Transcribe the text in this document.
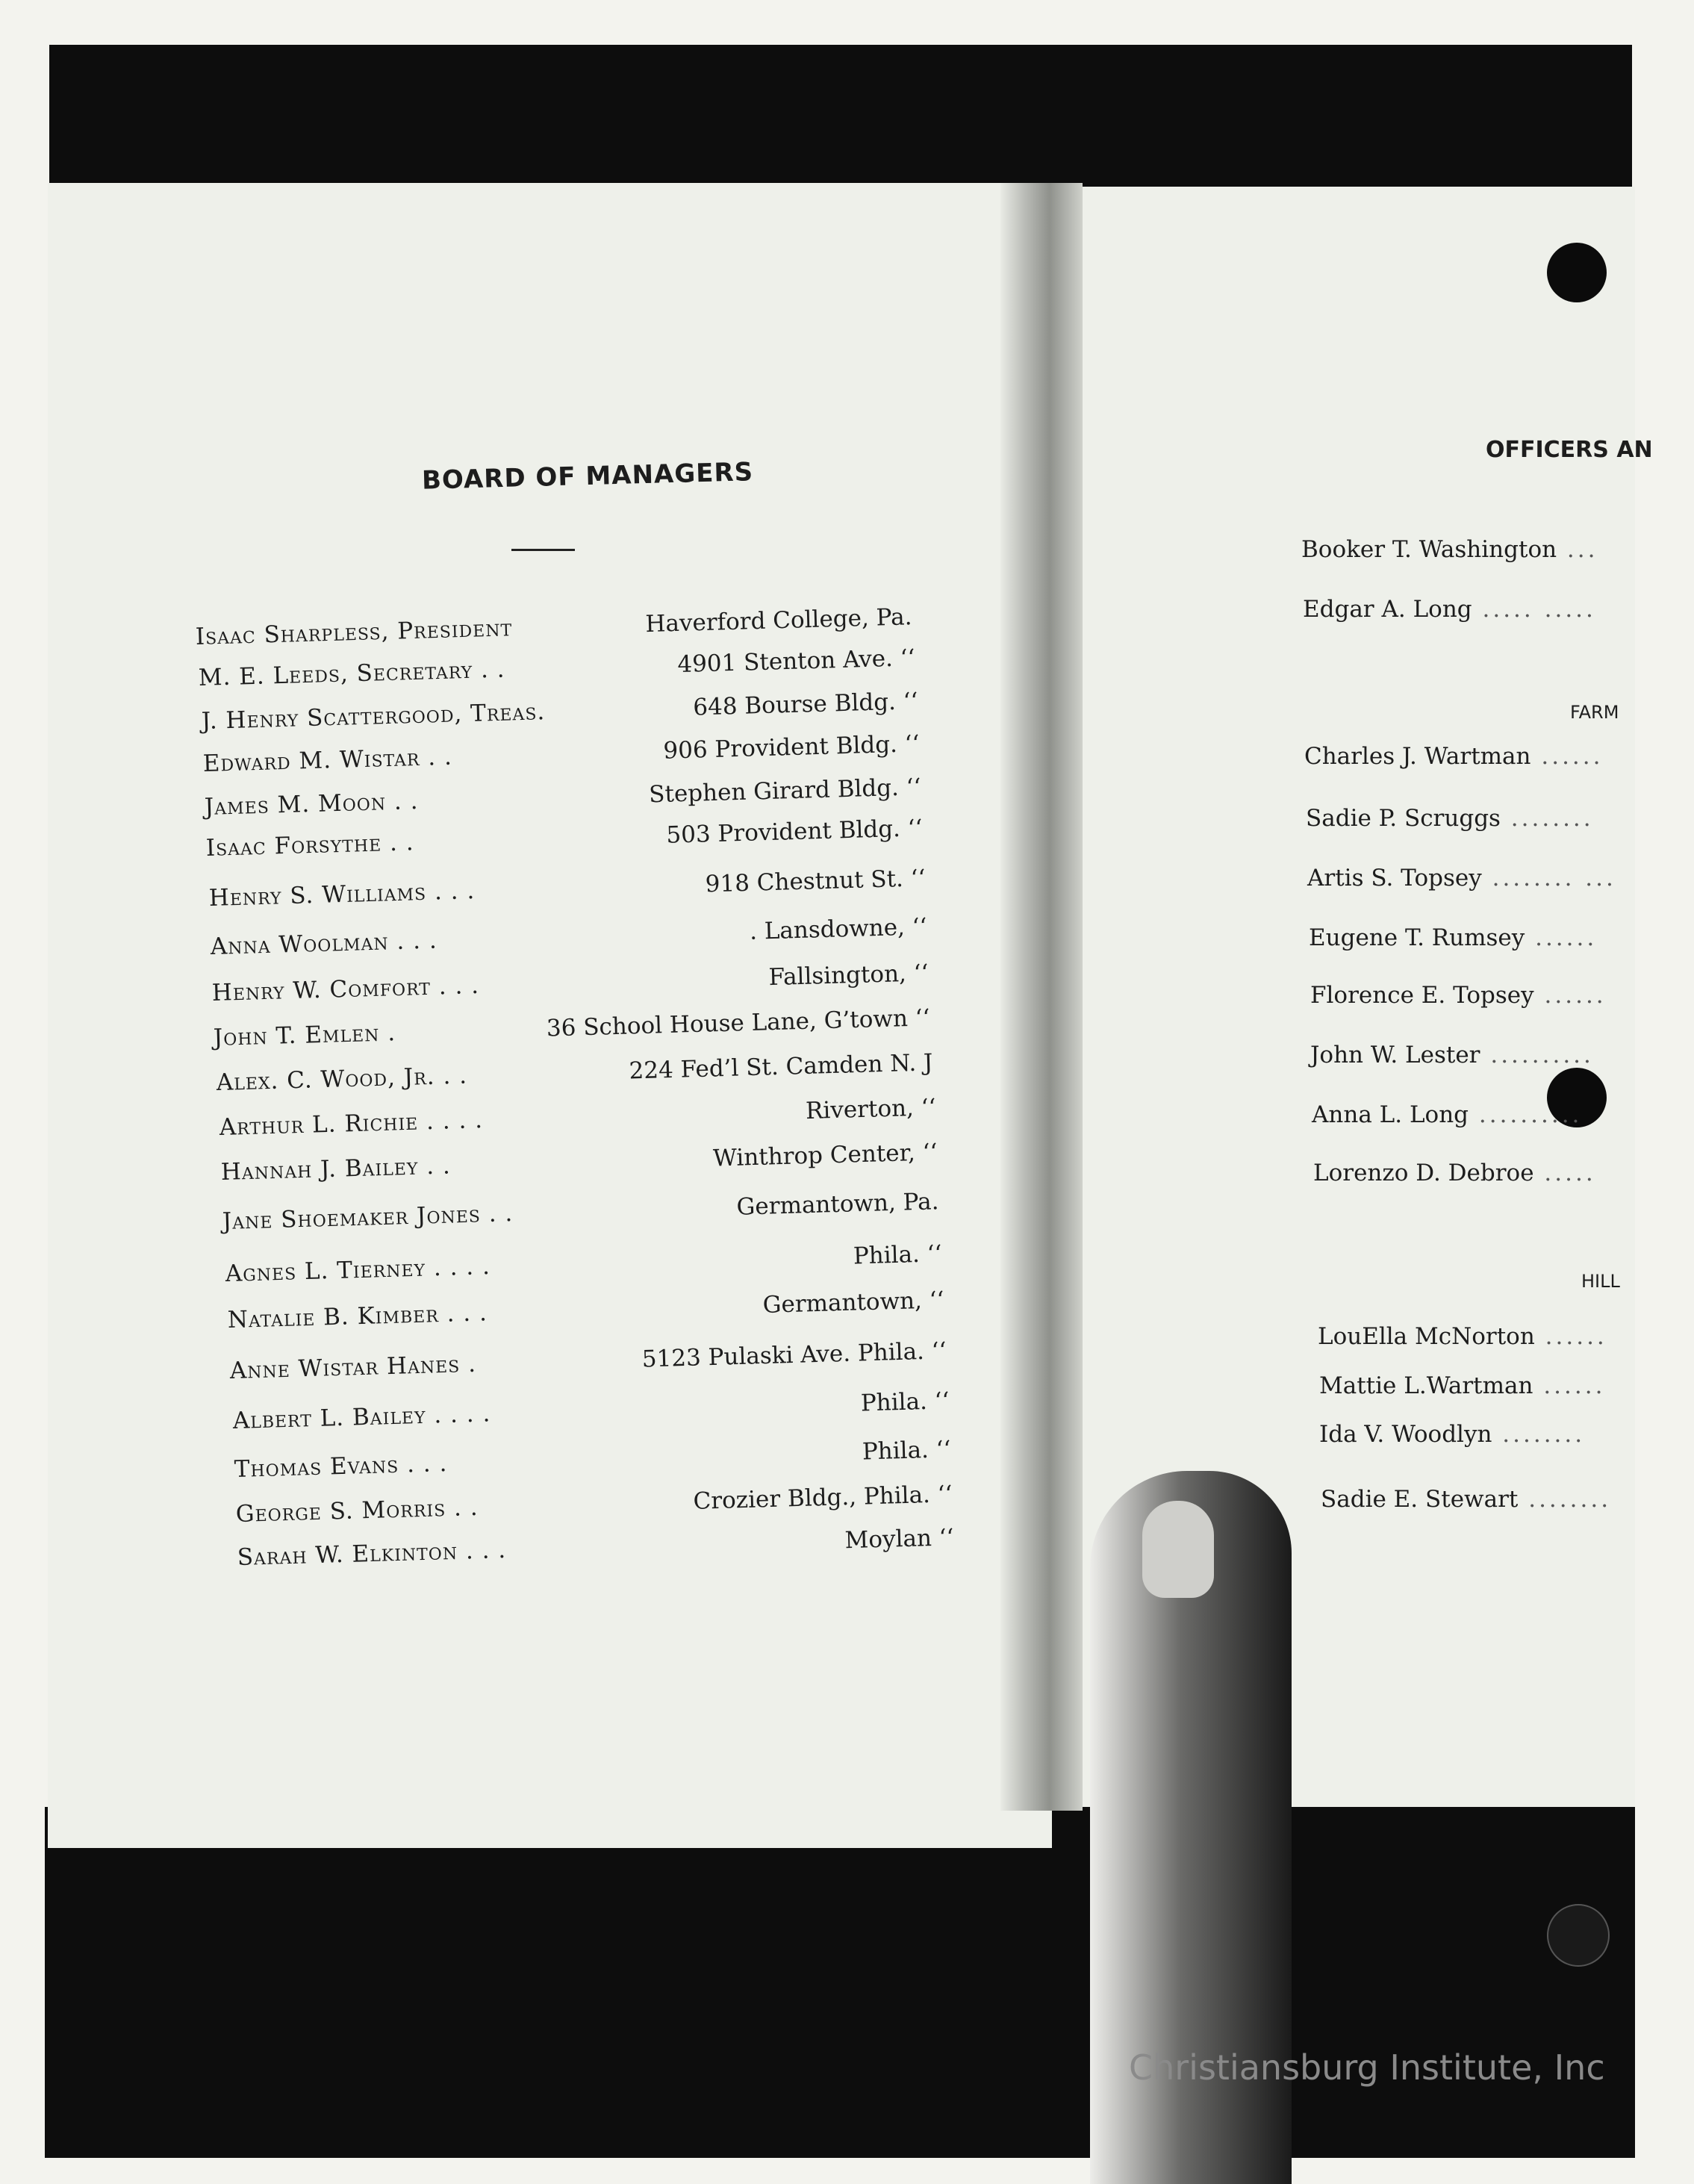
BOARD OF MANAGERS
Isaac Sharpless, President	Haverford College, Pa.
M. E. Leeds, Secretary . .	4901 Stenton Ave. ‘‘
J. Henry Scattergood, Treas.	648 Bourse Bldg. ‘‘
Edward M. Wistar . .	906 Provident Bldg. ‘‘
James M. Moon . .	Stephen Girard Bldg. ‘‘
Isaac Forsythe . .	503 Provident Bldg. ‘‘
Henry S. Williams . . .	918 Chestnut St. ‘‘
Anna Woolman . . .	. Lansdowne, ‘‘
Henry W. Comfort . . .	Fallsington, ‘‘
John T. Emlen .	36 School House Lane, G’town ‘‘
Alex. C. Wood, Jr. . .	224 Fed’l St. Camden N. J
Arthur L. Richie . . . .	Riverton, ‘‘
Hannah J. Bailey . .	Winthrop Center, ‘‘
Jane Shoemaker Jones . .	Germantown, Pa.
Agnes L. Tierney . . . .	Phila. ‘‘
Natalie B. Kimber . . .	Germantown, ‘‘
Anne Wistar Hanes .	5123 Pulaski Ave. Phila. ‘‘
Albert L. Bailey . . . .	Phila. ‘‘
Thomas Evans . . .	Phila. ‘‘
George S. Morris . .	Crozier Bldg., Phila. ‘‘
Sarah W. Elkinton . . .	Moylan ‘‘
OFFICERS AN
Booker T. Washington ...
Edgar A. Long ..... .....
FARM
Charles J. Wartman ......
Sadie P. Scruggs ........
Artis S. Topsey ........ ...
Eugene T. Rumsey ......
Florence E. Topsey ......
John W. Lester ..........
Anna L. Long ..........
Lorenzo D. Debroe .....
HILL
LouElla McNorton ......
Mattie L.Wartman ......
Ida V. Woodlyn ........
Sadie E. Stewart ........
Christiansburg Institute, Inc
